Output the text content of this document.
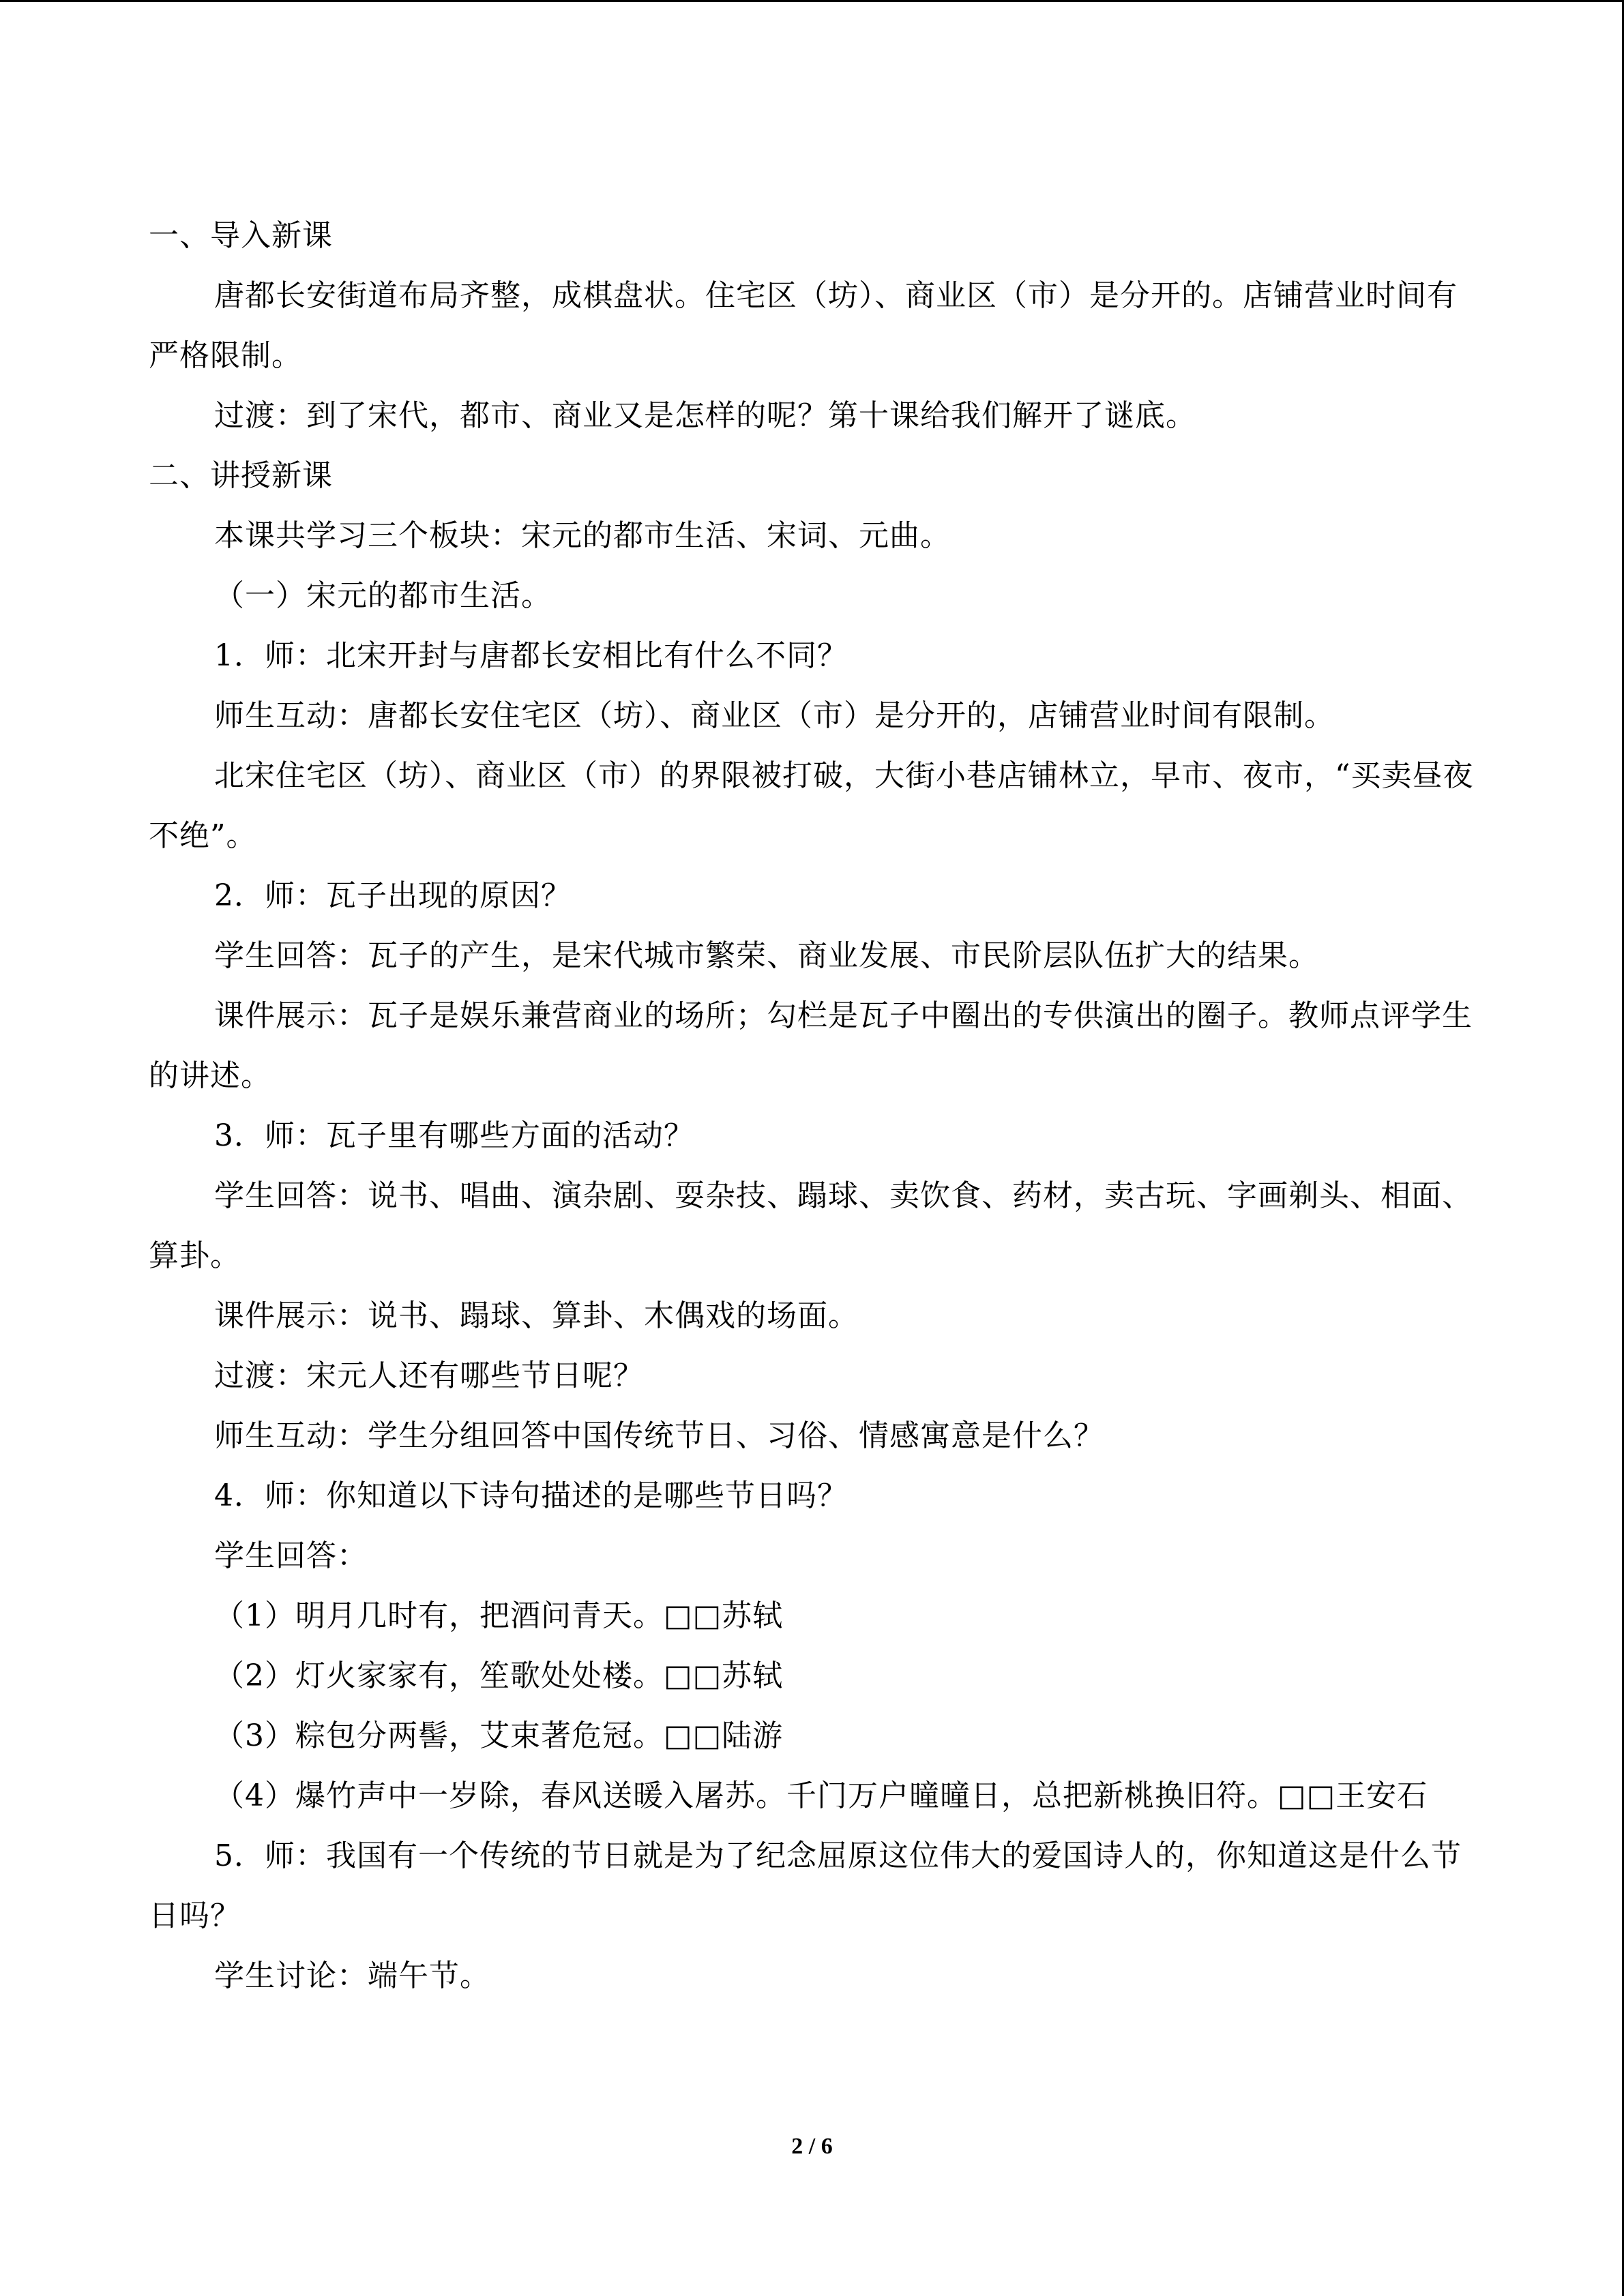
一、导入新课

唐都长安街道布局齐整，成棋盘状。住宅区（坊）、商业区（市）是分开的。店铺营业时间有严格限制。

过渡：到了宋代，都市、商业又是怎样的呢？第十课给我们解开了谜底。

二、讲授新课

本课共学习三个板块：宋元的都市生活、宋词、元曲。

（一）宋元的都市生活。

1．师：北宋开封与唐都长安相比有什么不同？

师生互动：唐都长安住宅区（坊）、商业区（市）是分开的，店铺营业时间有限制。

北宋住宅区（坊）、商业区（市）的界限被打破，大街小巷店铺林立，早市、夜市，“买卖昼夜不绝”。

2．师：瓦子出现的原因？

学生回答：瓦子的产生，是宋代城市繁荣、商业发展、市民阶层队伍扩大的结果。

课件展示：瓦子是娱乐兼营商业的场所；勾栏是瓦子中圈出的专供演出的圈子。教师点评学生的讲述。

3．师：瓦子里有哪些方面的活动？

学生回答：说书、唱曲、演杂剧、耍杂技、蹋球、卖饮食、药材，卖古玩、字画剃头、相面、算卦。

课件展示：说书、蹋球、算卦、木偶戏的场面。

过渡：宋元人还有哪些节日呢？

师生互动：学生分组回答中国传统节日、习俗、情感寓意是什么？

4．师：你知道以下诗句描述的是哪些节日吗？

学生回答：

（1）明月几时有，把酒问青天。□□苏轼

（2）灯火家家有，笙歌处处楼。□□苏轼

（3）粽包分两髻，艾束著危冠。□□陆游

（4）爆竹声中一岁除，春风送暖入屠苏。千门万户曈曈日，总把新桃换旧符。□□王安石

5．师：我国有一个传统的节日就是为了纪念屈原这位伟大的爱国诗人的，你知道这是什么节日吗？

学生讨论：端午节。

2 / 6
